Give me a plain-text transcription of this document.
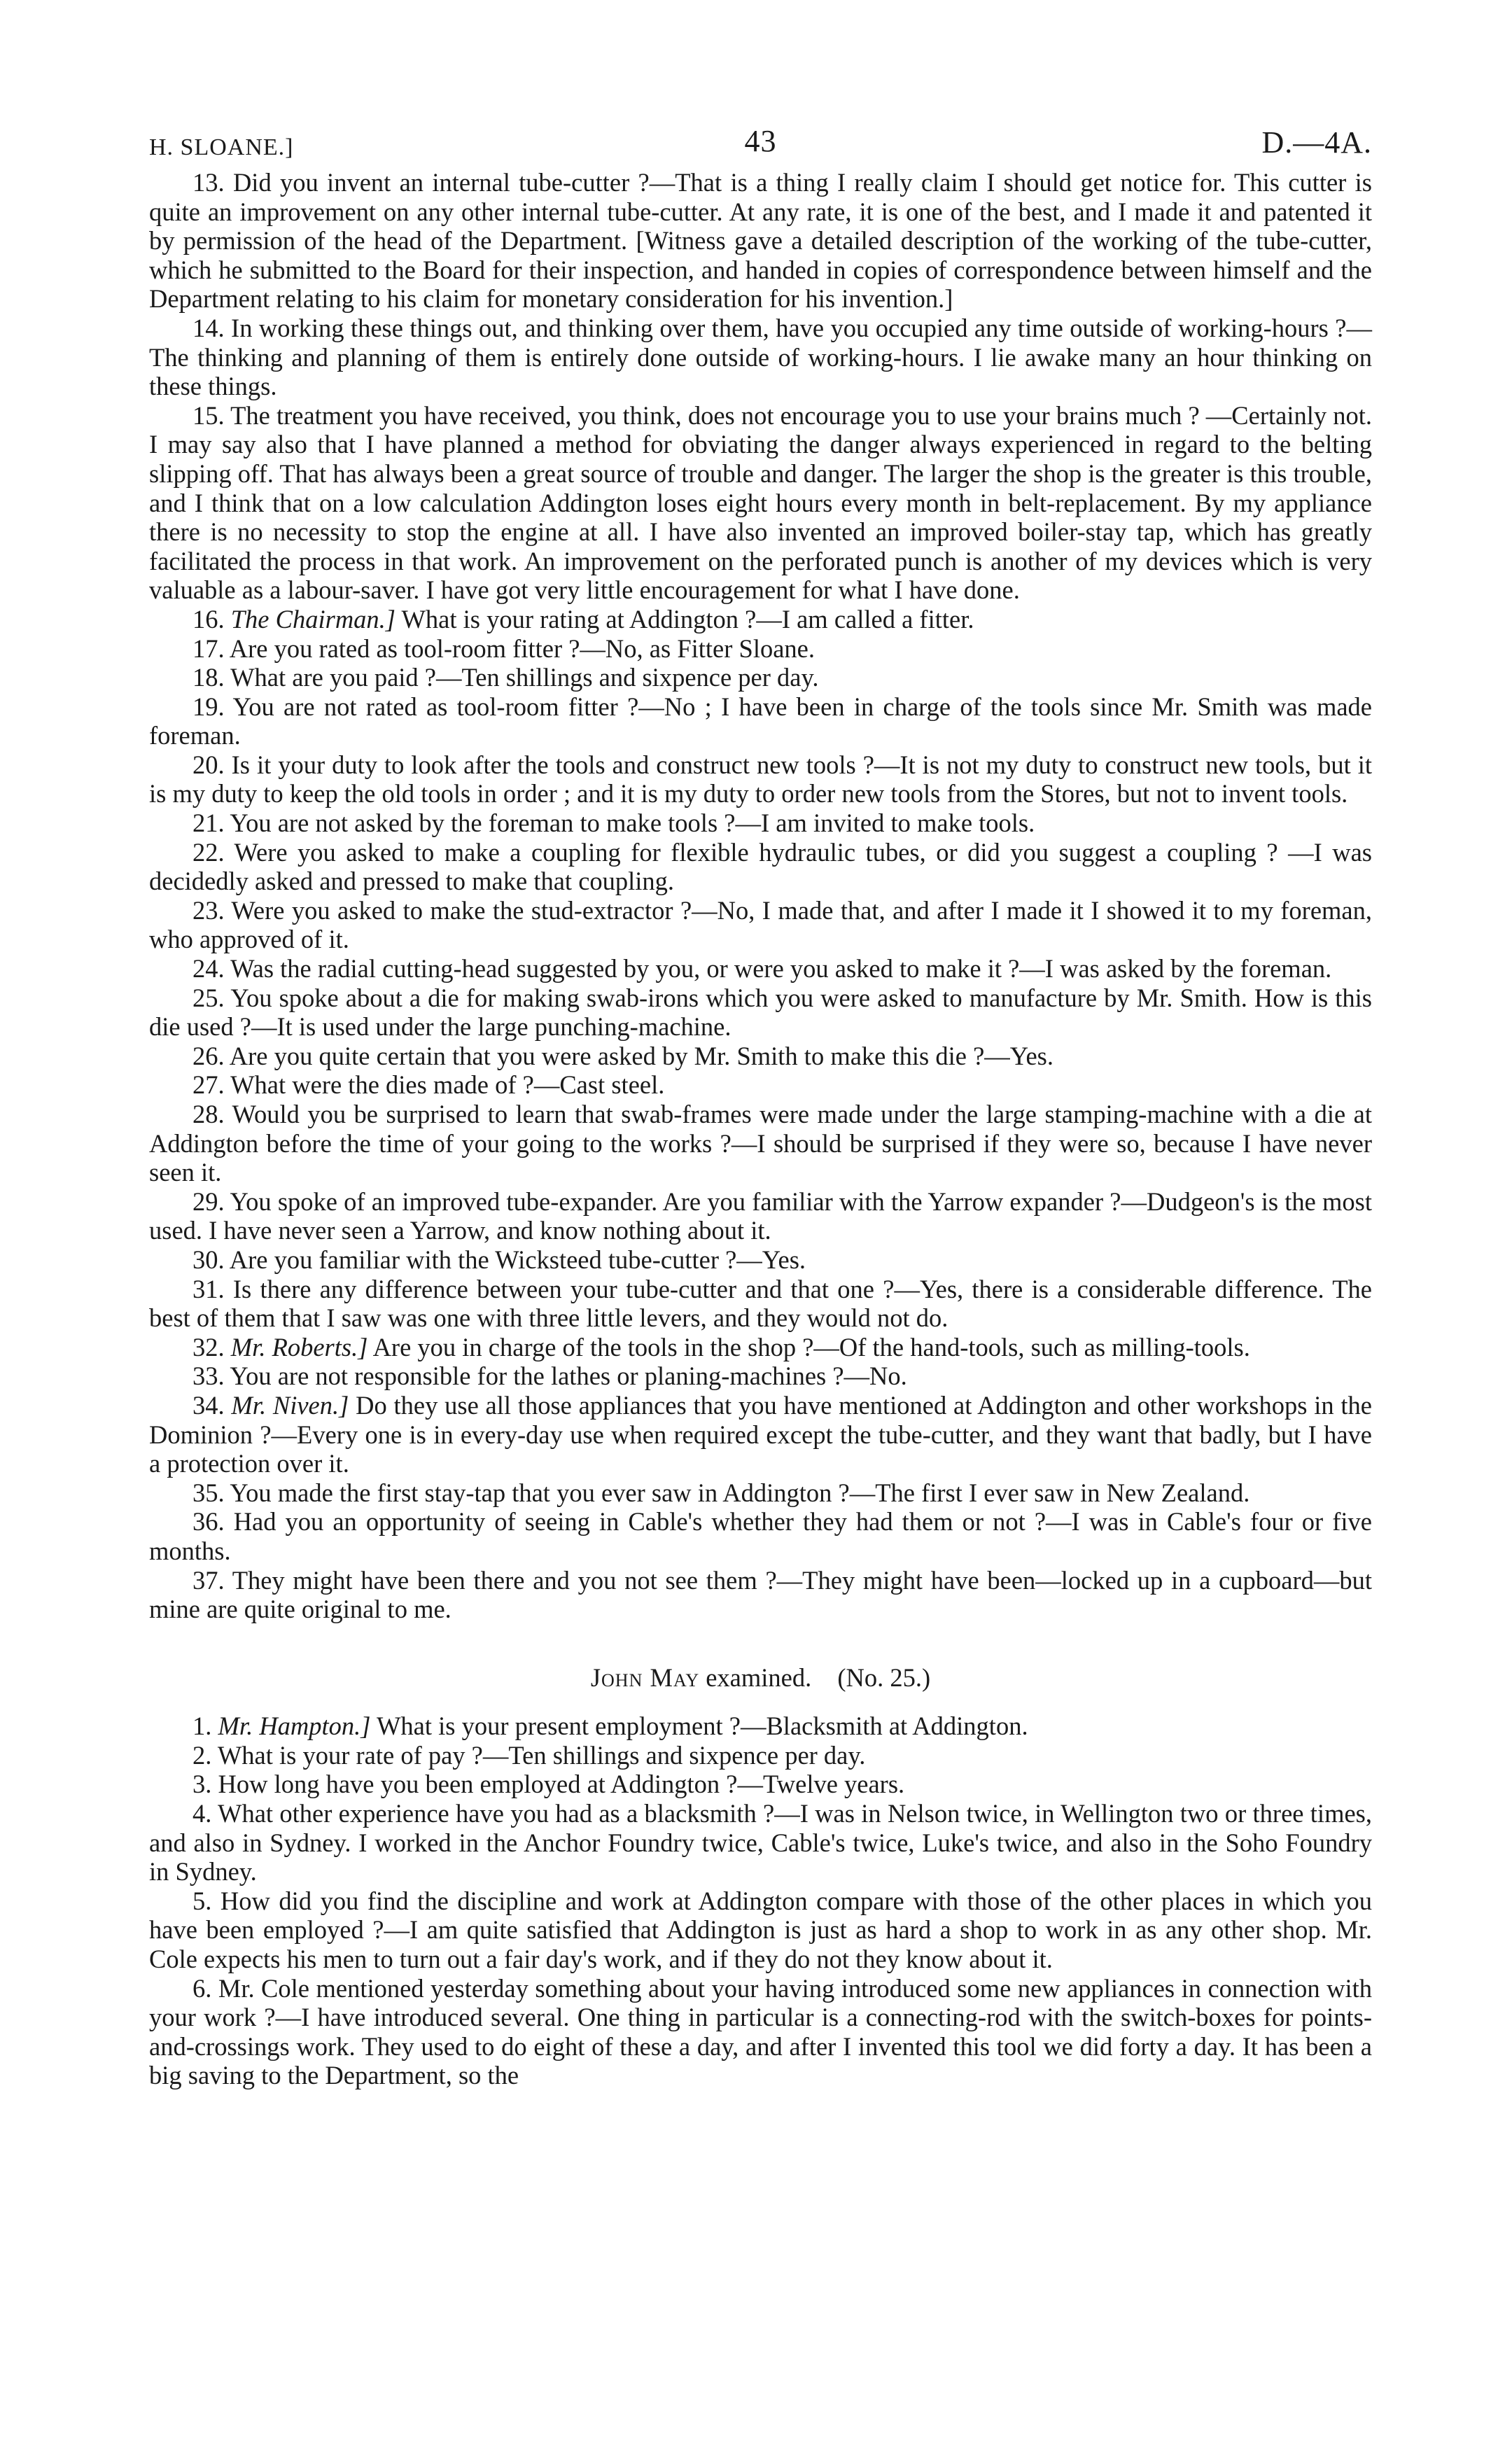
H. SLOANE.]	43	D.—4A.

13. Did you invent an internal tube-cutter ?—That is a thing I really claim I should get notice for. This cutter is quite an improvement on any other internal tube-cutter. At any rate, it is one of the best, and I made it and patented it by permission of the head of the Department. [Witness gave a detailed description of the working of the tube-cutter, which he submitted to the Board for their inspection, and handed in copies of correspondence between himself and the Department relating to his claim for monetary consideration for his invention.]

14. In working these things out, and thinking over them, have you occupied any time outside of working-hours ?—The thinking and planning of them is entirely done outside of working-hours. I lie awake many an hour thinking on these things.

15. The treatment you have received, you think, does not encourage you to use your brains much ? —Certainly not. I may say also that I have planned a method for obviating the danger always experienced in regard to the belting slipping off. That has always been a great source of trouble and danger. The larger the shop is the greater is this trouble, and I think that on a low calculation Addington loses eight hours every month in belt-replacement. By my appliance there is no necessity to stop the engine at all. I have also invented an improved boiler-stay tap, which has greatly facilitated the process in that work. An improvement on the perforated punch is another of my devices which is very valuable as a labour-saver. I have got very little encouragement for what I have done.

16. The Chairman.] What is your rating at Addington ?—I am called a fitter.

17. Are you rated as tool-room fitter ?—No, as Fitter Sloane.

18. What are you paid ?—Ten shillings and sixpence per day.

19. You are not rated as tool-room fitter ?—No ; I have been in charge of the tools since Mr. Smith was made foreman.

20. Is it your duty to look after the tools and construct new tools ?—It is not my duty to construct new tools, but it is my duty to keep the old tools in order ; and it is my duty to order new tools from the Stores, but not to invent tools.

21. You are not asked by the foreman to make tools ?—I am invited to make tools.

22. Were you asked to make a coupling for flexible hydraulic tubes, or did you suggest a coupling ? —I was decidedly asked and pressed to make that coupling.

23. Were you asked to make the stud-extractor ?—No, I made that, and after I made it I showed it to my foreman, who approved of it.

24. Was the radial cutting-head suggested by you, or were you asked to make it ?—I was asked by the foreman.

25. You spoke about a die for making swab-irons which you were asked to manufacture by Mr. Smith. How is this die used ?—It is used under the large punching-machine.

26. Are you quite certain that you were asked by Mr. Smith to make this die ?—Yes.

27. What were the dies made of ?—Cast steel.

28. Would you be surprised to learn that swab-frames were made under the large stamping-machine with a die at Addington before the time of your going to the works ?—I should be surprised if they were so, because I have never seen it.

29. You spoke of an improved tube-expander. Are you familiar with the Yarrow expander ?—Dudgeon's is the most used. I have never seen a Yarrow, and know nothing about it.

30. Are you familiar with the Wicksteed tube-cutter ?—Yes.

31. Is there any difference between your tube-cutter and that one ?—Yes, there is a considerable difference. The best of them that I saw was one with three little levers, and they would not do.

32. Mr. Roberts.] Are you in charge of the tools in the shop ?—Of the hand-tools, such as milling-tools.

33. You are not responsible for the lathes or planing-machines ?—No.

34. Mr. Niven.] Do they use all those appliances that you have mentioned at Addington and other workshops in the Dominion ?—Every one is in every-day use when required except the tube-cutter, and they want that badly, but I have a protection over it.

35. You made the first stay-tap that you ever saw in Addington ?—The first I ever saw in New Zealand.

36. Had you an opportunity of seeing in Cable's whether they had them or not ?—I was in Cable's four or five months.

37. They might have been there and you not see them ?—They might have been—locked up in a cupboard—but mine are quite original to me.

John May examined. (No. 25.)

1. Mr. Hampton.] What is your present employment ?—Blacksmith at Addington.

2. What is your rate of pay ?—Ten shillings and sixpence per day.

3. How long have you been employed at Addington ?—Twelve years.

4. What other experience have you had as a blacksmith ?—I was in Nelson twice, in Wellington two or three times, and also in Sydney. I worked in the Anchor Foundry twice, Cable's twice, Luke's twice, and also in the Soho Foundry in Sydney.

5. How did you find the discipline and work at Addington compare with those of the other places in which you have been employed ?—I am quite satisfied that Addington is just as hard a shop to work in as any other shop. Mr. Cole expects his men to turn out a fair day's work, and if they do not they know about it.

6. Mr. Cole mentioned yesterday something about your having introduced some new appliances in connection with your work ?—I have introduced several. One thing in particular is a connecting-rod with the switch-boxes for points-and-crossings work. They used to do eight of these a day, and after I invented this tool we did forty a day. It has been a big saving to the Department, so the
